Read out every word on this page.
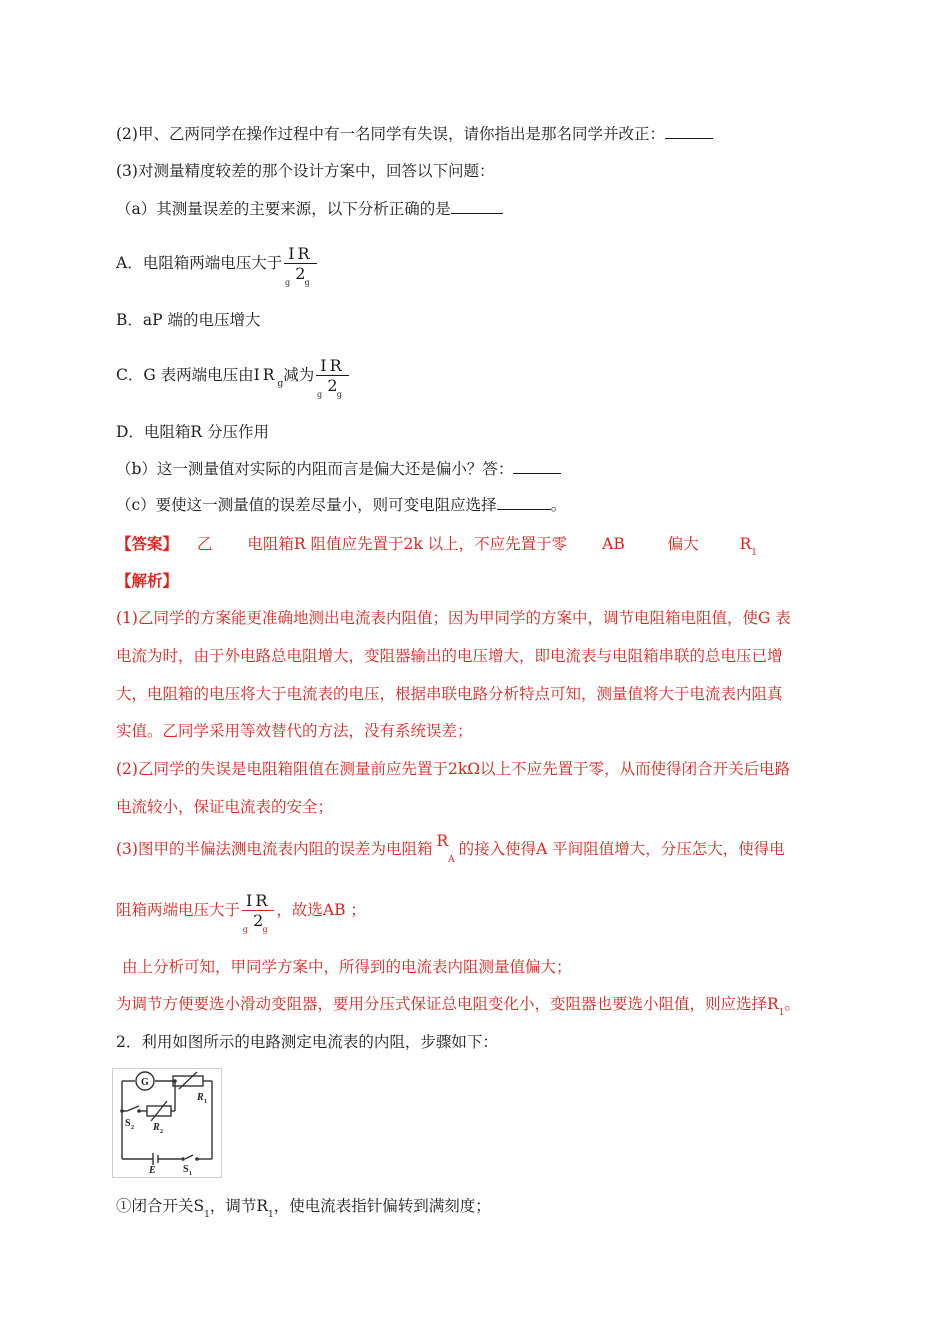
(2)甲、乙两同学在操作过程中有一名同学有失误，请你指出是那名同学并改正：
(3)对测量精度较差的那个设计方案中，回答以下问题：
（a）其测量误差的主要来源，以下分析正确的是
A．电阻箱两端电压大于
IR
g g
2
B．aP 端的电压增大
C．G 表两端电压由$IR_g$减为
IR
g g
2
D．电阻箱R 分压作用
（b）这一测量值对实际的内阻而言是偏大还是偏小？答：
（c）要使这一测量值的误差尽量小，则可变电阻应选择	。
【答案】 乙 电阻箱R 阻值应先置于2k 以上，不应先置于零 AB	偏大	$R_1$
【解析】
(1)乙同学的方案能更准确地测出电流表内阻值；因为甲同学的方案中，调节电阻箱电阻值，使G 表
电流为时，由于外电路总电阻增大，变阻器输出的电压增大，即电流表与电阻箱串联的总电压已增
大，电阻箱的电压将大于电流表的电压，根据串联电路分析特点可知，测量值将大于电流表内阻真
实值。乙同学采用等效替代的方法，没有系统误差；
(2)乙同学的失误是电阻箱阻值在测量前应先置于2kΩ以上不应先置于零，从而使得闭合开关后电路
电流较小，保证电流表的安全；
(3)图甲的半偏法测电流表内阻的误差为电阻箱 $R_A$的接入使得A 平间阻值增大，分压怎大，使得电
阻箱两端电压大于
IR
g g
2
，故选AB ；
由上分析可知，甲同学方案中，所得到的电流表内阻测量值偏大；
为调节方便要选小滑动变阻器，要用分压式保证总电阻变化小，变阻器也要选小阻值，则应选择$R_1$。
2．利用如图所示的电路测定电流表的内阻，步骤如下：
G
R 1
R 2
S 2
E	S 1
①闭合开关$S_1$，调节$R_1$，使电流表指针偏转到满刻度；
